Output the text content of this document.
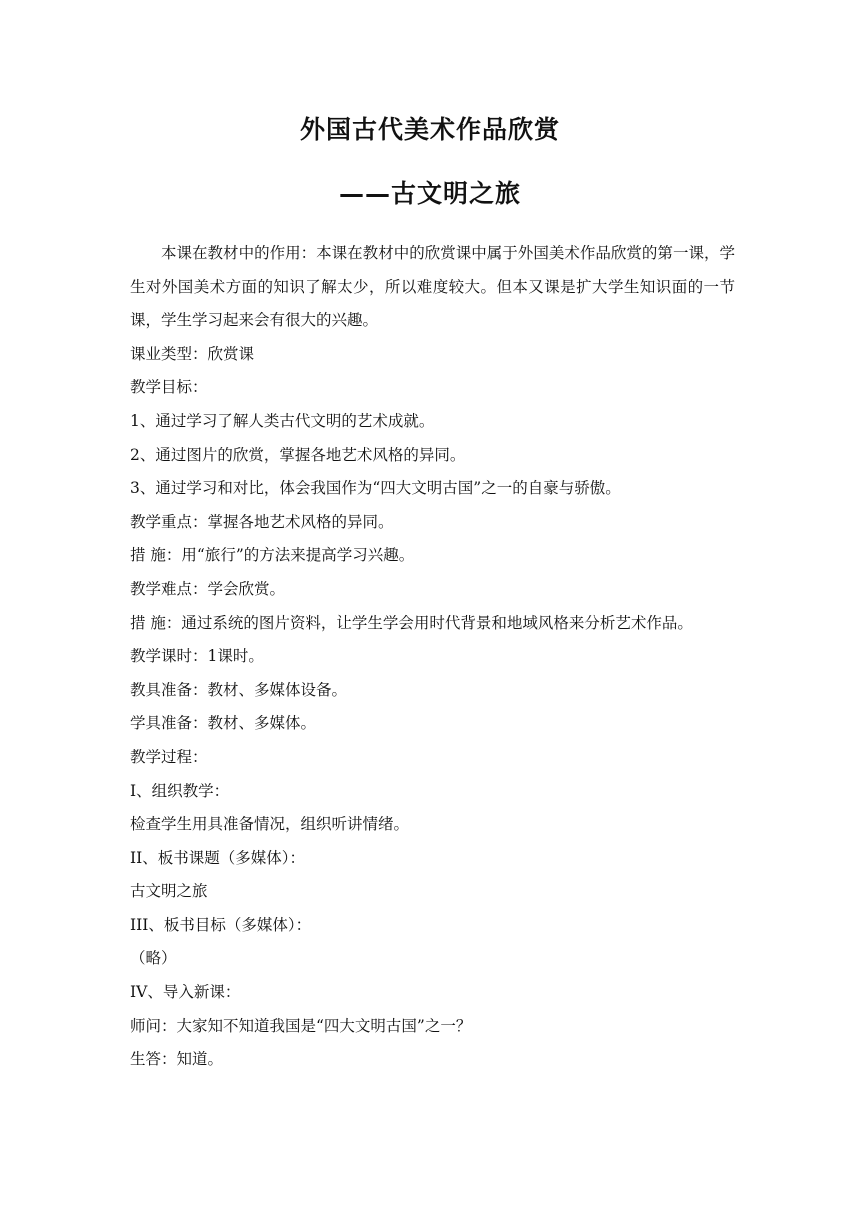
外国古代美术作品欣赏
——古文明之旅

本课在教材中的作用：本课在教材中的欣赏课中属于外国美术作品欣赏的第一课，学生对外国美术方面的知识了解太少，所以难度较大。但本又课是扩大学生知识面的一节课，学生学习起来会有很大的兴趣。

课业类型：欣赏课

教学目标：

1、通过学习了解人类古代文明的艺术成就。

2、通过图片的欣赏，掌握各地艺术风格的异同。

3、通过学习和对比，体会我国作为“四大文明古国”之一的自豪与骄傲。

教学重点：掌握各地艺术风格的异同。

措 施：用“旅行”的方法来提高学习兴趣。

教学难点：学会欣赏。

措 施：通过系统的图片资料，让学生学会用时代背景和地域风格来分析艺术作品。

教学课时：1课时。

教具准备：教材、多媒体设备。

学具准备：教材、多媒体。

教学过程：

I、组织教学：

检查学生用具准备情况，组织听讲情绪。

II、板书课题（多媒体）：

古文明之旅

III、板书目标（多媒体）：

（略）

IV、导入新课：

师问：大家知不知道我国是“四大文明古国”之一？

生答：知道。
